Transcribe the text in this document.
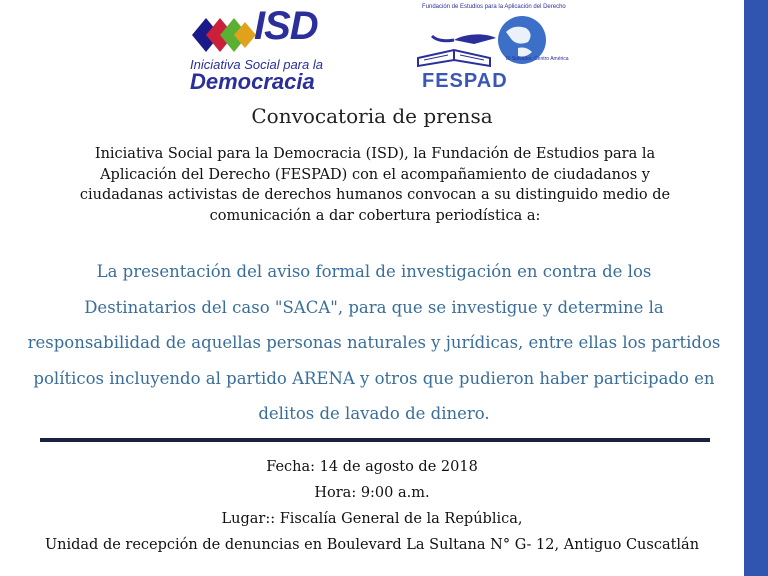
ISD
Iniciativa Social para la
Democracia
Fundación de Estudios para la Aplicación del Derecho
El Salvador, Centro América
FESPAD
Convocatoria de prensa
Iniciativa Social para la Democracia (ISD), la Fundación de Estudios para la
Aplicación del Derecho (FESPAD) con el acompañamiento de ciudadanos y
ciudadanas activistas de derechos humanos convocan a su distinguido medio de
comunicación a dar cobertura periodística a:
La presentación del aviso formal de investigación en contra de los
Destinatarios del caso "SACA", para que se investigue y determine la
responsabilidad de aquellas personas naturales y jurídicas, entre ellas los partidos
políticos incluyendo al partido ARENA y otros que pudieron haber participado en
delitos de lavado de dinero.
Fecha: 14 de agosto de 2018
Hora: 9:00 a.m.
Lugar:: Fiscalía General de la República,
Unidad de recepción de denuncias en Boulevard La Sultana N° G- 12, Antiguo Cuscatlán
